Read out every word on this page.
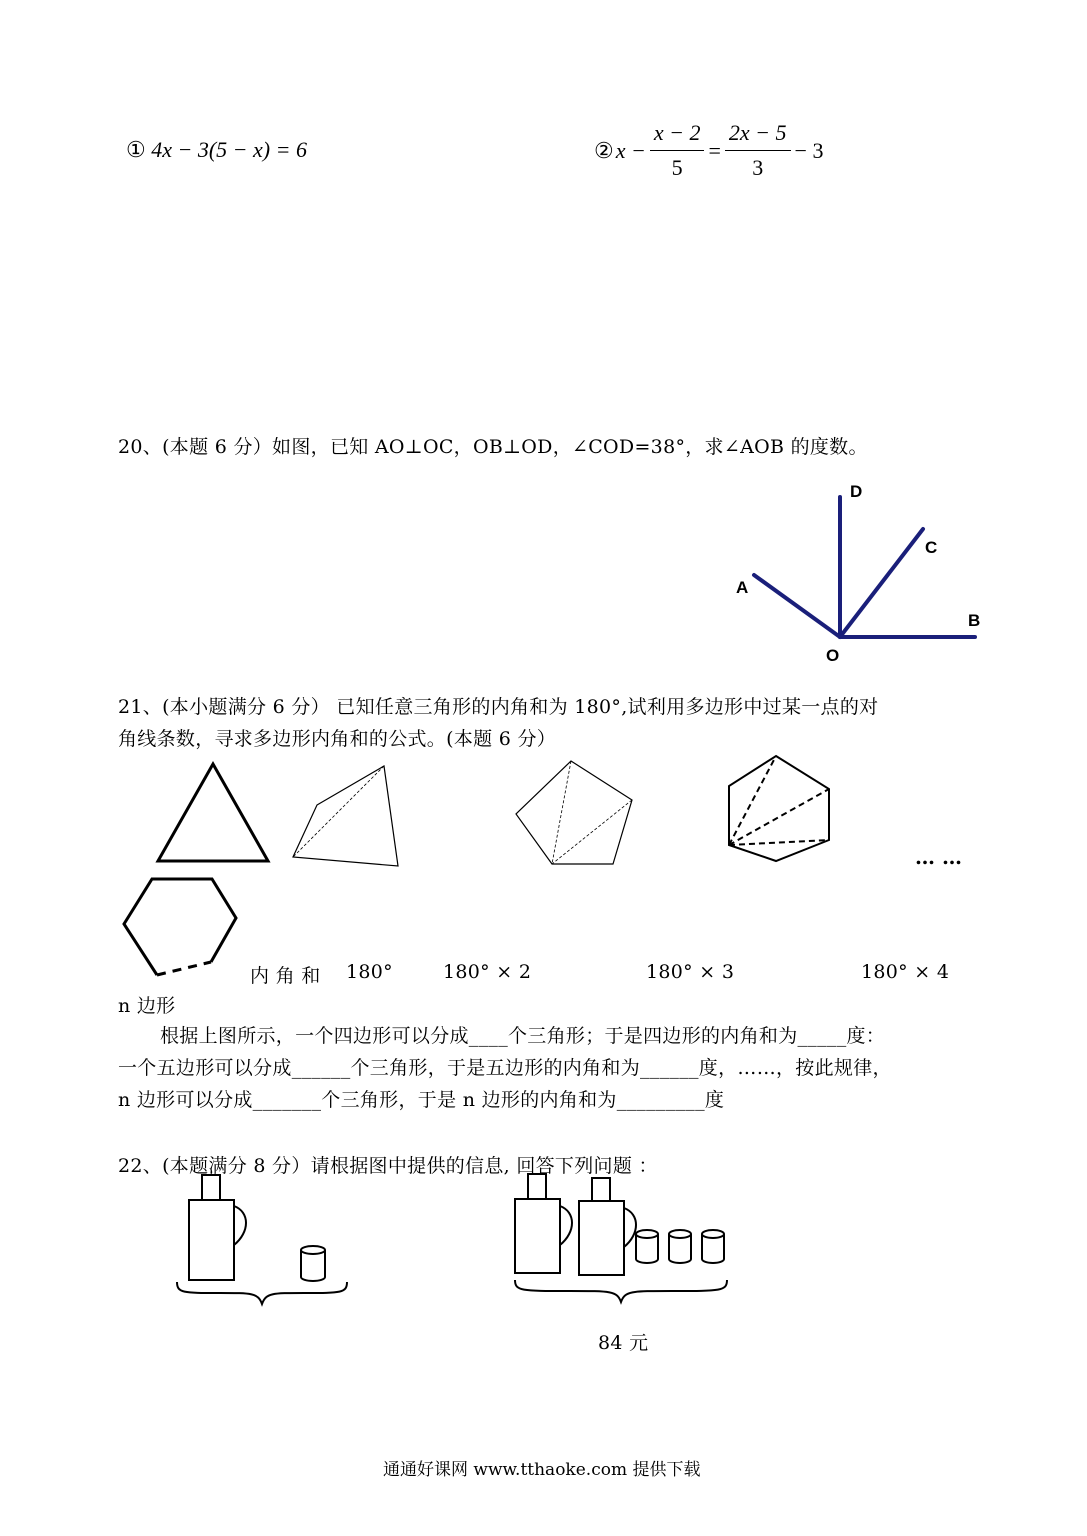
① 4x − 3(5 − x) = 6	② $x - \frac{x - 2}{5} = \frac{2x - 5}{3} - 3$
20、(本题 6 分）如图，已知 AO⊥OC，OB⊥OD，∠COD=38°，求∠AOB 的度数。
D
C
A
B
O
21、(本小题满分 6 分） 已知任意三角形的内角和为 180°,试利用多边形中过某一点的对
角线条数，寻求多边形内角和的公式。(本题 6 分）
… …
内 角 和 180°	180° × 2	180° × 3	180° × 4
n 边形
根据上图所示，一个四边形可以分成____个三角形；于是四边形的内角和为_____度：
一个五边形可以分成______个三角形，于是五边形的内角和为______度，……，按此规律，
n 边形可以分成_______个三角形，于是 n 边形的内角和为_________度
22、(本题满分 8 分）请根据图中提供的信息, 回答下列问题 ：
84 元
通通好课网 www.tthaoke.com 提供下载
